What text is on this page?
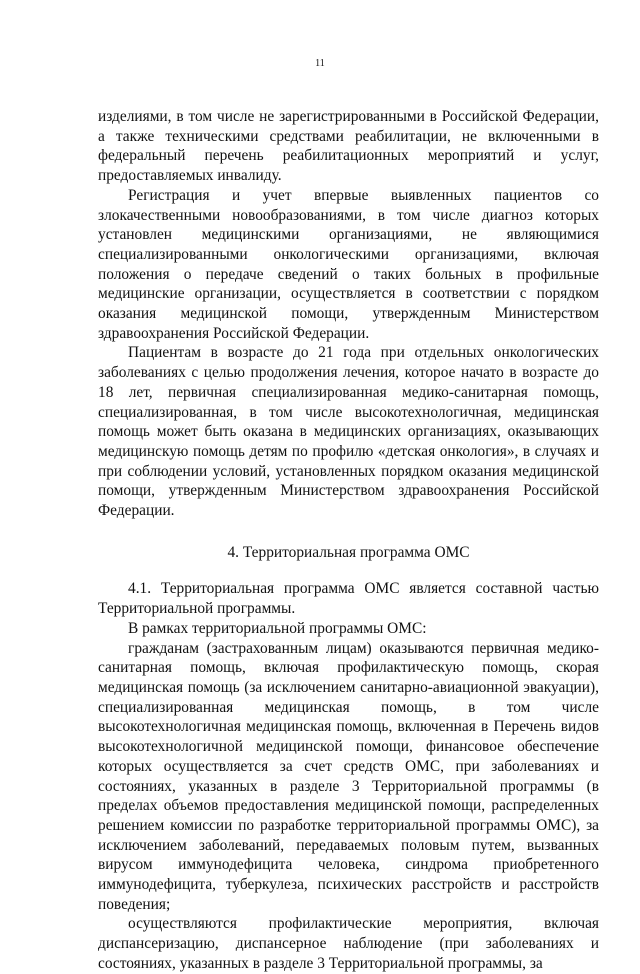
11

изделиями, в том числе не зарегистрированными в Российской Федерации, а также техническими средствами реабилитации, не включенными в федеральный перечень реабилитационных мероприятий и услуг, предоставляемых инвалиду.

Регистрация и учет впервые выявленных пациентов со злокачественными новообразованиями, в том числе диагноз которых установлен медицинскими организациями, не являющимися специализированными онкологическими организациями, включая положения о передаче сведений о таких больных в профильные медицинские организации, осуществляется в соответствии с порядком оказания медицинской помощи, утвержденным Министерством здравоохранения Российской Федерации.

Пациентам в возрасте до 21 года при отдельных онкологических заболеваниях с целью продолжения лечения, которое начато в возрасте до 18 лет, первичная специализированная медико-санитарная помощь, специализированная, в том числе высокотехнологичная, медицинская помощь может быть оказана в медицинских организациях, оказывающих медицинскую помощь детям по профилю «детская онкология», в случаях и при соблюдении условий, установленных порядком оказания медицинской помощи, утвержденным Министерством здравоохранения Российской Федерации.

4. Территориальная программа ОМС

4.1. Территориальная программа ОМС является составной частью Территориальной программы.

В рамках территориальной программы ОМС:

гражданам (застрахованным лицам) оказываются первичная медико-санитарная помощь, включая профилактическую помощь, скорая медицинская помощь (за исключением санитарно-авиационной эвакуации), специализированная медицинская помощь, в том числе высокотехнологичная медицинская помощь, включенная в Перечень видов высокотехнологичной медицинской помощи, финансовое обеспечение которых осуществляется за счет средств ОМС, при заболеваниях и состояниях, указанных в разделе 3 Территориальной программы (в пределах объемов предоставления медицинской помощи, распределенных решением комиссии по разработке территориальной программы ОМС), за исключением заболеваний, передаваемых половым путем, вызванных вирусом иммунодефицита человека, синдрома приобретенного иммунодефицита, туберкулеза, психических расстройств и расстройств поведения;

осуществляются профилактические мероприятия, включая диспансеризацию, диспансерное наблюдение (при заболеваниях и состояниях, указанных в разделе 3 Территориальной программы, за
